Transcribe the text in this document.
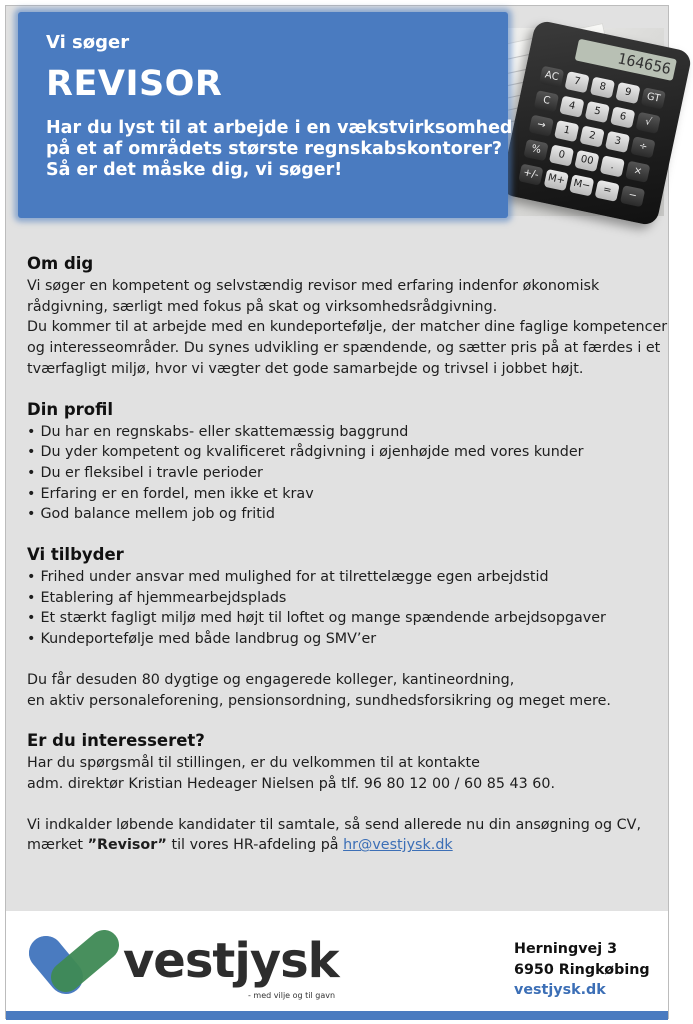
164656
AC 7 8 9 GT C 4 5 6 √ → 1 2 3 ÷ % 0 00 . × +/- M+ M− = −

Vi søger

REVISOR

Har du lyst til at arbejde i en vækstvirksomhed
på et af områdets største regnskabskontorer?
Så er det måske dig, vi søger!
Om dig
Vi søger en kompetent og selvstændig revisor med erfaring indenfor økonomisk
rådgivning, særligt med fokus på skat og virksomhedsrådgivning.
Du kommer til at arbejde med en kundeportefølje, der matcher dine faglige kompetencer
og interesseområder. Du synes udvikling er spændende, og sætter pris på at færdes i et
tværfagligt miljø, hvor vi vægter det gode samarbejde og trivsel i jobbet højt.
Din profil
• Du har en regnskabs- eller skattemæssig baggrund
• Du yder kompetent og kvalificeret rådgivning i øjenhøjde med vores kunder
• Du er fleksibel i travle perioder
• Erfaring er en fordel, men ikke et krav
• God balance mellem job og fritid
Vi tilbyder
• Frihed under ansvar med mulighed for at tilrettelægge egen arbejdstid
• Etablering af hjemmearbejdsplads
• Et stærkt fagligt miljø med højt til loftet og mange spændende arbejdsopgaver
• Kundeportefølje med både landbrug og SMV’er
Du får desuden 80 dygtige og engagerede kolleger, kantineordning,
en aktiv personaleforening, pensionsordning, sundhedsforsikring og meget mere.
Er du interesseret?
Har du spørgsmål til stillingen, er du velkommen til at kontakte
adm. direktør Kristian Hedeager Nielsen på tlf. 96 80 12 00 / 60 85 43 60.
Vi indkalder løbende kandidater til samtale, så send allerede nu din ansøgning og CV,
mærket ”Revisor” til vores HR-afdeling på hr@vestjysk.dk

vestjysk

- med vilje og til gavn
Herningvej 3
6950 Ringkøbing
vestjysk.dk
